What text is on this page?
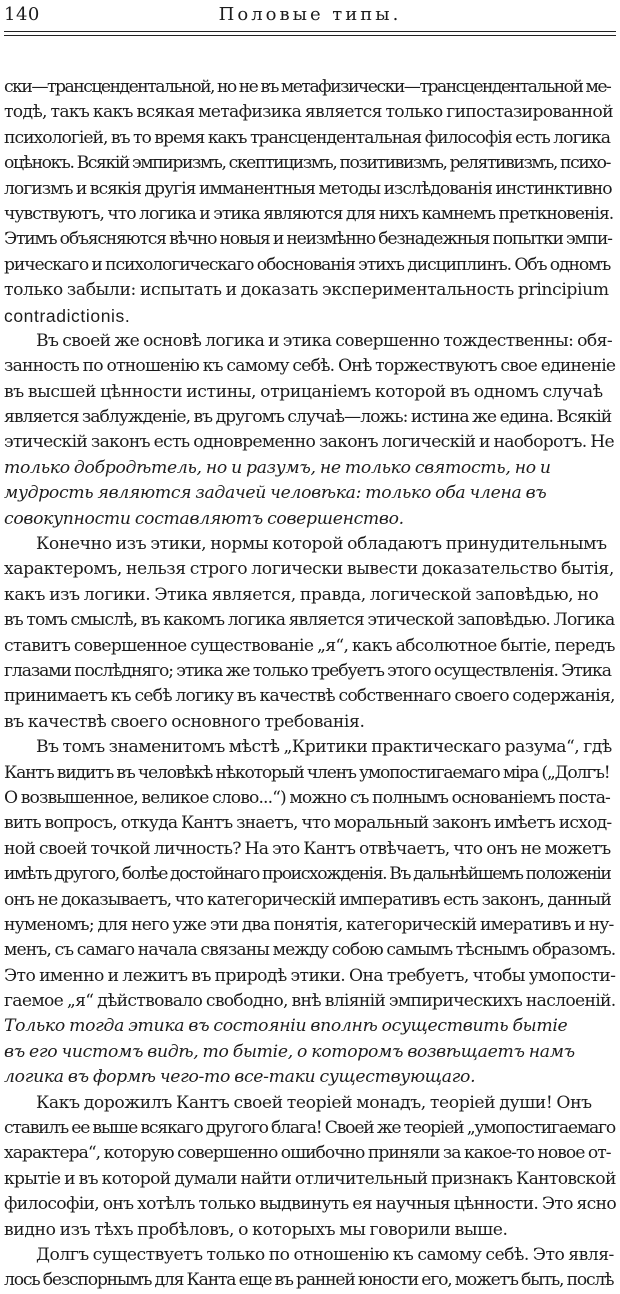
140	Половые типы.
ски—трансцендентальной, но не въ метафизически—трансцендентальной ме-
тодѣ, такъ какъ всякая метафизика является только гипостазированной
психологіей, въ то время какъ трансцендентальная философія есть логика
оцѣнокъ. Всякій эмпиризмъ, скептицизмъ, позитивизмъ, релятивизмъ, психо-
логизмъ и всякія другія имманентныя методы изслѣдованія инстинктивно
чувствуютъ, что логика и этика являются для нихъ камнемъ преткновенія.
Этимъ объясняются вѣчно новыя и неизмѣнно безнадежныя попытки эмпи-
рическаго и психологическаго обоснованія этихъ дисциплинъ. Объ одномъ
только забыли: испытать и доказать экспериментальность principium
contradictionis.
Въ своей же основѣ логика и этика совершенно тождественны: обя-
занность по отношенію къ самому себѣ. Онѣ торжествуютъ свое единеніе
въ высшей цѣнности истины, отрицаніемъ которой въ одномъ случаѣ
является заблужденіе, въ другомъ случаѣ—ложь: истина же едина. Всякій
этическій законъ есть одновременно законъ логическій и наоборотъ. Не
только добродѣтель, но и разумъ, не только святость, но и
мудрость являются задачей человѣка: только оба члена въ
совокупности составляютъ совершенство.
Конечно изъ этики, нормы которой обладаютъ принудительнымъ
характеромъ, нельзя строго логически вывести доказательство бытія,
какъ изъ логики. Этика является, правда, логической заповѣдью, но
въ томъ смыслѣ, въ какомъ логика является этической заповѣдью. Логика
ставитъ совершенное существованіе „я“, какъ абсолютное бытіе, передъ
глазами послѣдняго; этика же только требуетъ этого осуществленія. Этика
принимаетъ къ себѣ логику въ качествѣ собственнаго своего содержанія,
въ качествѣ своего основного требованія.
Въ томъ знаменитомъ мѣстѣ „Критики практическаго разума“, гдѣ
Кантъ видитъ въ человѣкѣ нѣкоторый членъ умопостигаемаго міра („Долгъ!
О возвышенное, великое слово...“) можно съ полнымъ основаніемъ поста-
вить вопросъ, откуда Кантъ знаетъ, что моральный законъ имѣетъ исход-
ной своей точкой личность? На это Кантъ отвѣчаетъ, что онъ не можетъ
имѣть другого, болѣе достойнаго происхожденія. Въ дальнѣйшемъ положеніи
онъ не доказываетъ, что категорическій императивъ есть законъ, данный
нуменомъ; для него уже эти два понятія, категорическій имеративъ и ну-
менъ, съ самаго начала связаны между собою самымъ тѣснымъ образомъ.
Это именно и лежитъ въ природѣ этики. Она требуетъ, чтобы умопости-
гаемое „я“ дѣйствовало свободно, внѣ вліяній эмпирическихъ наслоеній.
Только тогда этика въ состояніи вполнѣ осуществить бытіе
въ его чистомъ видѣ, то бытіе, о которомъ возвѣщаетъ намъ
логика въ формѣ чего-то все-таки существующаго.
Какъ дорожилъ Кантъ своей теоріей монадъ, теоріей души! Онъ
ставилъ ее выше всякаго другого блага! Своей же теоріей „умопостигаемаго
характера“, которую совершенно ошибочно приняли за какое-то новое от-
крытіе и въ которой думали найти отличительный признакъ Кантовской
философіи, онъ хотѣлъ только выдвинуть ея научныя цѣнности. Это ясно
видно изъ тѣхъ пробѣловъ, о которыхъ мы говорили выше.
Долгъ существуетъ только по отношенію къ самому себѣ. Это явля-
лось безспорнымъ для Канта еще въ ранней юности его, можетъ быть, послѣ
